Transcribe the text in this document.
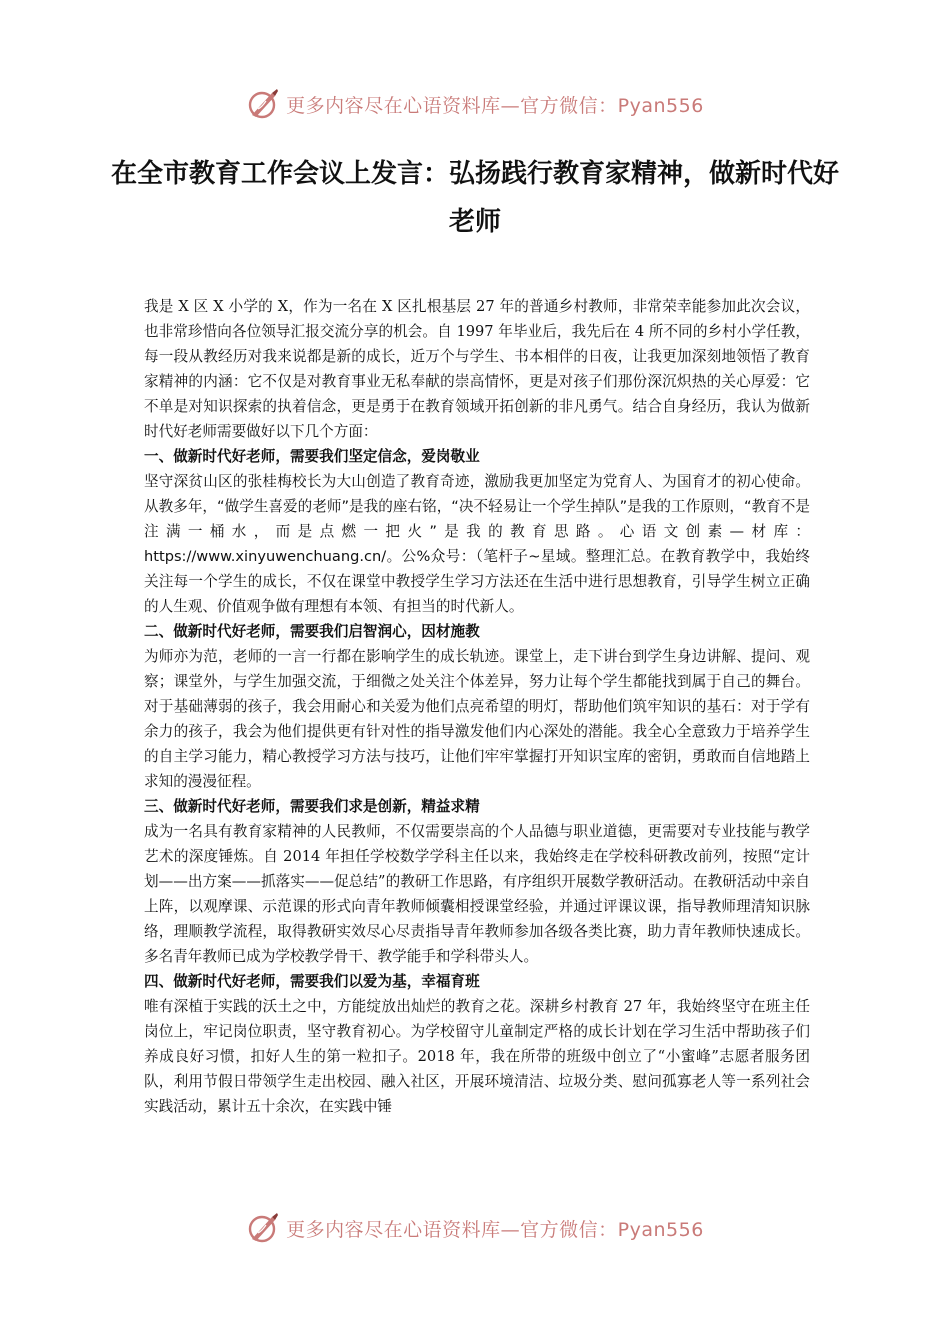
更多内容尽在心语资料库—官方微信：Pyan556
在全市教育工作会议上发言：弘扬践行教育家精神，做新时代好老师

我是 X 区 X 小学的 X，作为一名在 X 区扎根基层 27 年的普通乡村教师，非常荣幸能参加此次会议，也非常珍惜向各位领导汇报交流分享的机会。自 1997 年毕业后，我先后在 4 所不同的乡村小学任教，每一段从教经历对我来说都是新的成长，近万个与学生、书本相伴的日夜，让我更加深刻地领悟了教育家精神的内涵：它不仅是对教育事业无私奉献的崇高情怀，更是对孩子们那份深沉炽热的关心厚爱：它不单是对知识探索的执着信念，更是勇于在教育领域开拓创新的非凡勇气。结合自身经历，我认为做新时代好老师需要做好以下几个方面：

一、做新时代好老师，需要我们坚定信念，爱岗敬业

坚守深贫山区的张桂梅校长为大山创造了教育奇迹，激励我更加坚定为党育人、为国育才的初心使命。从教多年，“做学生喜爱的老师”是我的座右铭，“决不轻易让一个学生掉队”是我的工作原则，“教育不是注满一桶水，而是点燃一把火”是我的教育思路。心语文创素—材库：https://www.xinyuwenchuang.cn/。公%众号：（笔杆子~星域。整理汇总。在教育教学中，我始终关注每一个学生的成长，不仅在课堂中教授学生学习方法还在生活中进行思想教育，引导学生树立正确的人生观、价值观争做有理想有本领、有担当的时代新人。

二、做新时代好老师，需要我们启智润心，因材施教

为师亦为范，老师的一言一行都在影响学生的成长轨迹。课堂上，走下讲台到学生身边讲解、提问、观察；课堂外，与学生加强交流，于细微之处关注个体差异，努力让每个学生都能找到属于自己的舞台。对于基础薄弱的孩子，我会用耐心和关爱为他们点亮希望的明灯，帮助他们筑牢知识的基石：对于学有余力的孩子，我会为他们提供更有针对性的指导激发他们内心深处的潜能。我全心全意致力于培养学生的自主学习能力，精心教授学习方法与技巧，让他们牢牢掌握打开知识宝库的密钥，勇敢而自信地踏上求知的漫漫征程。

三、做新时代好老师，需要我们求是创新，精益求精

成为一名具有教育家精神的人民教师，不仅需要崇高的个人品德与职业道德，更需要对专业技能与教学艺术的深度锤炼。自 2014 年担任学校数学学科主任以来，我始终走在学校科研教改前列，按照“定计划——出方案——抓落实——促总结”的教研工作思路，有序组织开展数学教研活动。在教研活动中亲自上阵，以观摩课、示范课的形式向青年教师倾囊相授课堂经验，并通过评课议课，指导教师理清知识脉络，理顺教学流程，取得教研实效尽心尽责指导青年教师参加各级各类比赛，助力青年教师快速成长。多名青年教师已成为学校教学骨干、教学能手和学科带头人。

四、做新时代好老师，需要我们以爱为基，幸福育班

唯有深植于实践的沃土之中，方能绽放出灿烂的教育之花。深耕乡村教育 27 年，我始终坚守在班主任岗位上，牢记岗位职责，坚守教育初心。为学校留守儿童制定严格的成长计划在学习生活中帮助孩子们养成良好习惯，扣好人生的第一粒扣子。2018 年，我在所带的班级中创立了“小蜜峰”志愿者服务团队，利用节假日带领学生走出校园、融入社区，开展环境清洁、垃圾分类、慰问孤寡老人等一系列社会实践活动，累计五十余次，在实践中锤

更多内容尽在心语资料库—官方微信：Pyan556
